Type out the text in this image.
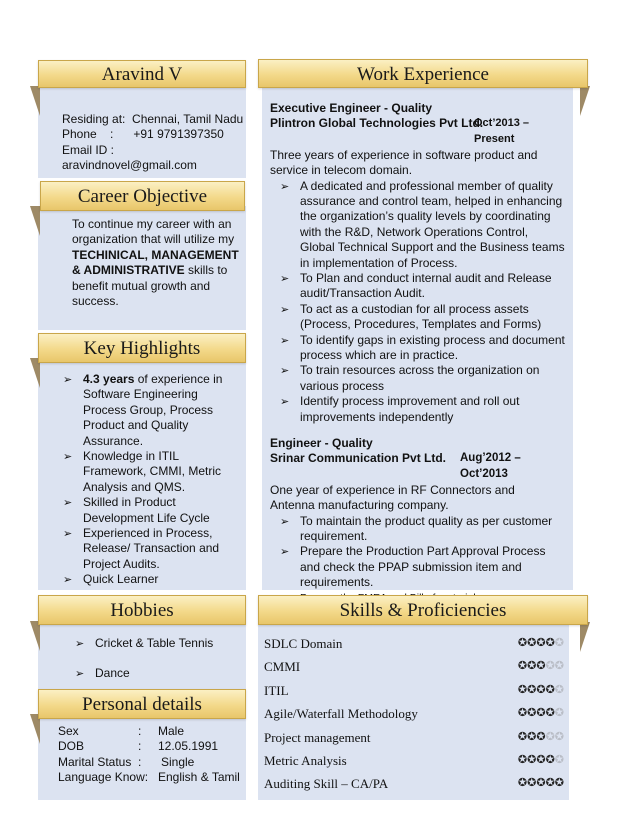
Aravind V
Residing at:  Chennai, Tamil Nadu
Phone    :      +91 9791397350
Email ID : aravindnovel@gmail.com
Career Objective
To continue my career with an organization that will utilize my TECHINICAL, MANAGEMENT & ADMINISTRATIVE skills to benefit mutual growth and success.
Key Highlights
➢ 4.3 years of experience in Software Engineering Process Group, Process Product and Quality Assurance.
➢ Knowledge in ITIL Framework, CMMI, Metric Analysis and QMS.
➢ Skilled in Product Development Life Cycle
➢ Experienced in Process, Release/ Transaction and Project Audits.
➢ Quick Learner
Hobbies
➢ Cricket & Table Tennis
➢ Dance
Personal details
Sex	: Male
DOB	: 12.05.1991
Marital Status : Single
Language Know: English & Tamil
Work Experience
Executive Engineer - Quality
Plintron Global Technologies Pvt Ltd.
Oct’2013 – Present
Three years of experience in software product and service in telecom domain.
➢ A dedicated and professional member of quality assurance and control team, helped in enhancing the organization’s quality levels by coordinating with the R&D, Network Operations Control, Global Technical Support and the Business teams in implementation of Process.
➢ To Plan and conduct internal audit and Release audit/Transaction Audit.
➢ To act as a custodian for all process assets (Process, Procedures, Templates and Forms)
➢ To identify gaps in existing process and document process which are in practice.
➢ To train resources across the organization on various process
➢ Identify process improvement and roll out improvements independently
Engineer - Quality
Srinar Communication Pvt Ltd. Aug’2012 –Oct’2013
One year of experience in RF Connectors and Antenna manufacturing company.
➢ To maintain the product quality as per customer requirement.
➢ Prepare the Production Part Approval Process and check the PPAP submission item and requirements.
➢
Skills & Proficiencies
SDLC Domain	✪✪✪✪✪
CMMI	✪✪✪✪✪
ITIL	✪✪✪✪✪
Agile/Waterfall Methodology	✪✪✪✪✪
Project management	✪✪✪✪✪
Metric Analysis	✪✪✪✪✪
Auditing Skill – CA/PA	✪✪✪✪✪
